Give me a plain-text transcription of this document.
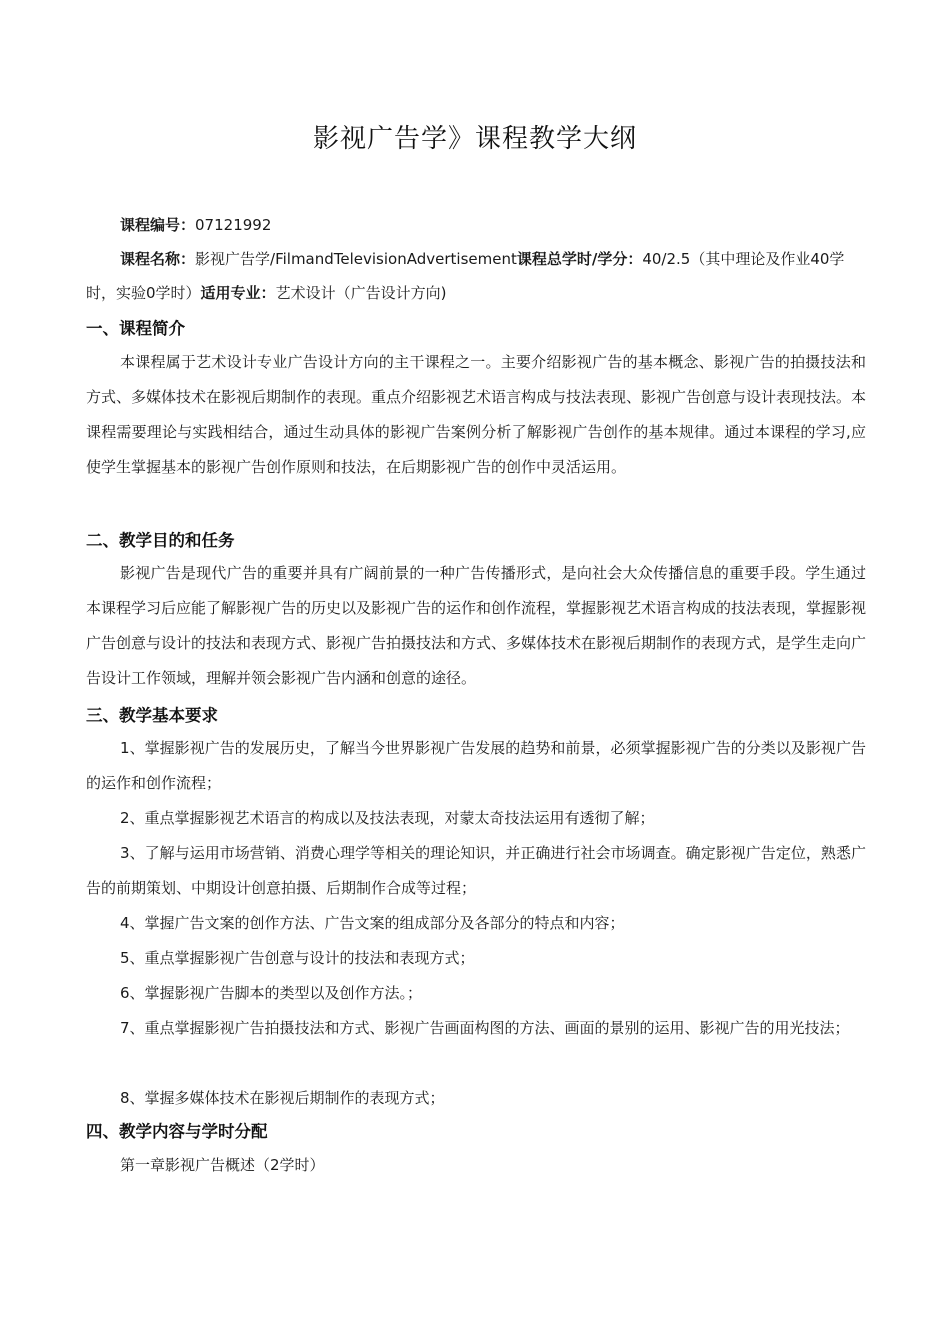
影视广告学》课程教学大纲
课程编号：07121992
课程名称：影视广告学/FilmandTelevisionAdvertisement课程总学时/学分：40/2.5（其中理论及作业40学时，实验0学时）适用专业：艺术设计（广告设计方向)
一、课程简介
本课程属于艺术设计专业广告设计方向的主干课程之一。主要介绍影视广告的基本概念、影视广告的拍摄技法和方式、多媒体技术在影视后期制作的表现。重点介绍影视艺术语言构成与技法表现、影视广告创意与设计表现技法。本课程需要理论与实践相结合，通过生动具体的影视广告案例分析了解影视广告创作的基本规律。通过本课程的学习,应使学生掌握基本的影视广告创作原则和技法，在后期影视广告的创作中灵活运用。
二、教学目的和任务
影视广告是现代广告的重要并具有广阔前景的一种广告传播形式，是向社会大众传播信息的重要手段。学生通过本课程学习后应能了解影视广告的历史以及影视广告的运作和创作流程，掌握影视艺术语言构成的技法表现，掌握影视广告创意与设计的技法和表现方式、影视广告拍摄技法和方式、多媒体技术在影视后期制作的表现方式，是学生走向广告设计工作领域，理解并领会影视广告内涵和创意的途径。
三、教学基本要求
1、掌握影视广告的发展历史，了解当今世界影视广告发展的趋势和前景，必须掌握影视广告的分类以及影视广告的运作和创作流程；
2、重点掌握影视艺术语言的构成以及技法表现，对蒙太奇技法运用有透彻了解；
3、了解与运用市场营销、消费心理学等相关的理论知识，并正确进行社会市场调查。确定影视广告定位，熟悉广告的前期策划、中期设计创意拍摄、后期制作合成等过程；
4、掌握广告文案的创作方法、广告文案的组成部分及各部分的特点和内容；
5、重点掌握影视广告创意与设计的技法和表现方式；
6、掌握影视广告脚本的类型以及创作方法。；
7、重点掌握影视广告拍摄技法和方式、影视广告画面构图的方法、画面的景别的运用、影视广告的用光技法；
8、掌握多媒体技术在影视后期制作的表现方式；
四、教学内容与学时分配
第一章影视广告概述（2学时）
